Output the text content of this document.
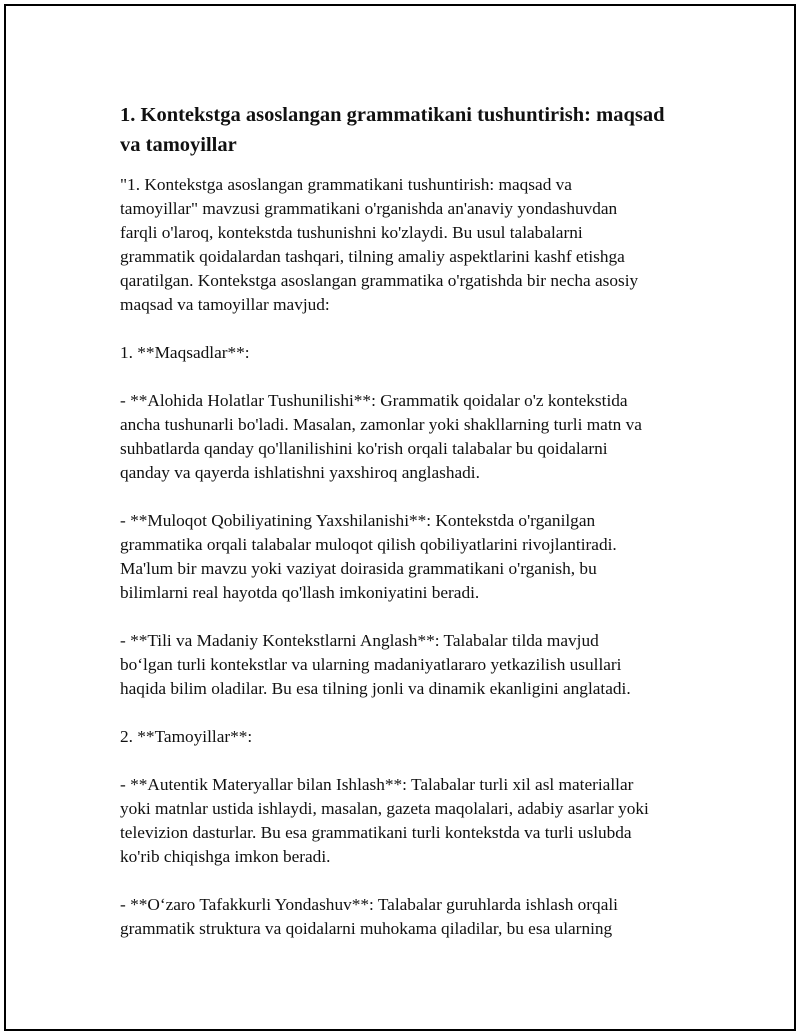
1. Kontekstga asoslangan grammatikani tushuntirish: maqsad va tamoyillar

"1. Kontekstga asoslangan grammatikani tushuntirish: maqsad va
tamoyillar" mavzusi grammatikani o'rganishda an'anaviy yondashuvdan
farqli o'laroq, kontekstda tushunishni ko'zlaydi. Bu usul talabalarni
grammatik qoidalardan tashqari, tilning amaliy aspektlarini kashf etishga
qaratilgan. Kontekstga asoslangan grammatika o'rgatishda bir necha asosiy
maqsad va tamoyillar mavjud:

1. **Maqsadlar**:

- **Alohida Holatlar Tushunilishi**: Grammatik qoidalar o'z kontekstida
ancha tushunarli bo'ladi. Masalan, zamonlar yoki shakllarning turli matn va
suhbatlarda qanday qo'llanilishini ko'rish orqali talabalar bu qoidalarni
qanday va qayerda ishlatishni yaxshiroq anglashadi.

- **Muloqot Qobiliyatining Yaxshilanishi**: Kontekstda o'rganilgan
grammatika orqali talabalar muloqot qilish qobiliyatlarini rivojlantiradi.
Ma'lum bir mavzu yoki vaziyat doirasida grammatikani o'rganish, bu
bilimlarni real hayotda qo'llash imkoniyatini beradi.

- **Tili va Madaniy Kontekstlarni Anglash**: Talabalar tilda mavjud
bo‘lgan turli kontekstlar va ularning madaniyatlararo yetkazilish usullari
haqida bilim oladilar. Bu esa tilning jonli va dinamik ekanligini anglatadi.

2. **Tamoyillar**:

- **Autentik Materyallar bilan Ishlash**: Talabalar turli xil asl materiallar
yoki matnlar ustida ishlaydi, masalan, gazeta maqolalari, adabiy asarlar yoki
televizion dasturlar. Bu esa grammatikani turli kontekstda va turli uslubda
ko'rib chiqishga imkon beradi.

- **O‘zaro Tafakkurli Yondashuv**: Talabalar guruhlarda ishlash orqali
grammatik struktura va qoidalarni muhokama qiladilar, bu esa ularning
